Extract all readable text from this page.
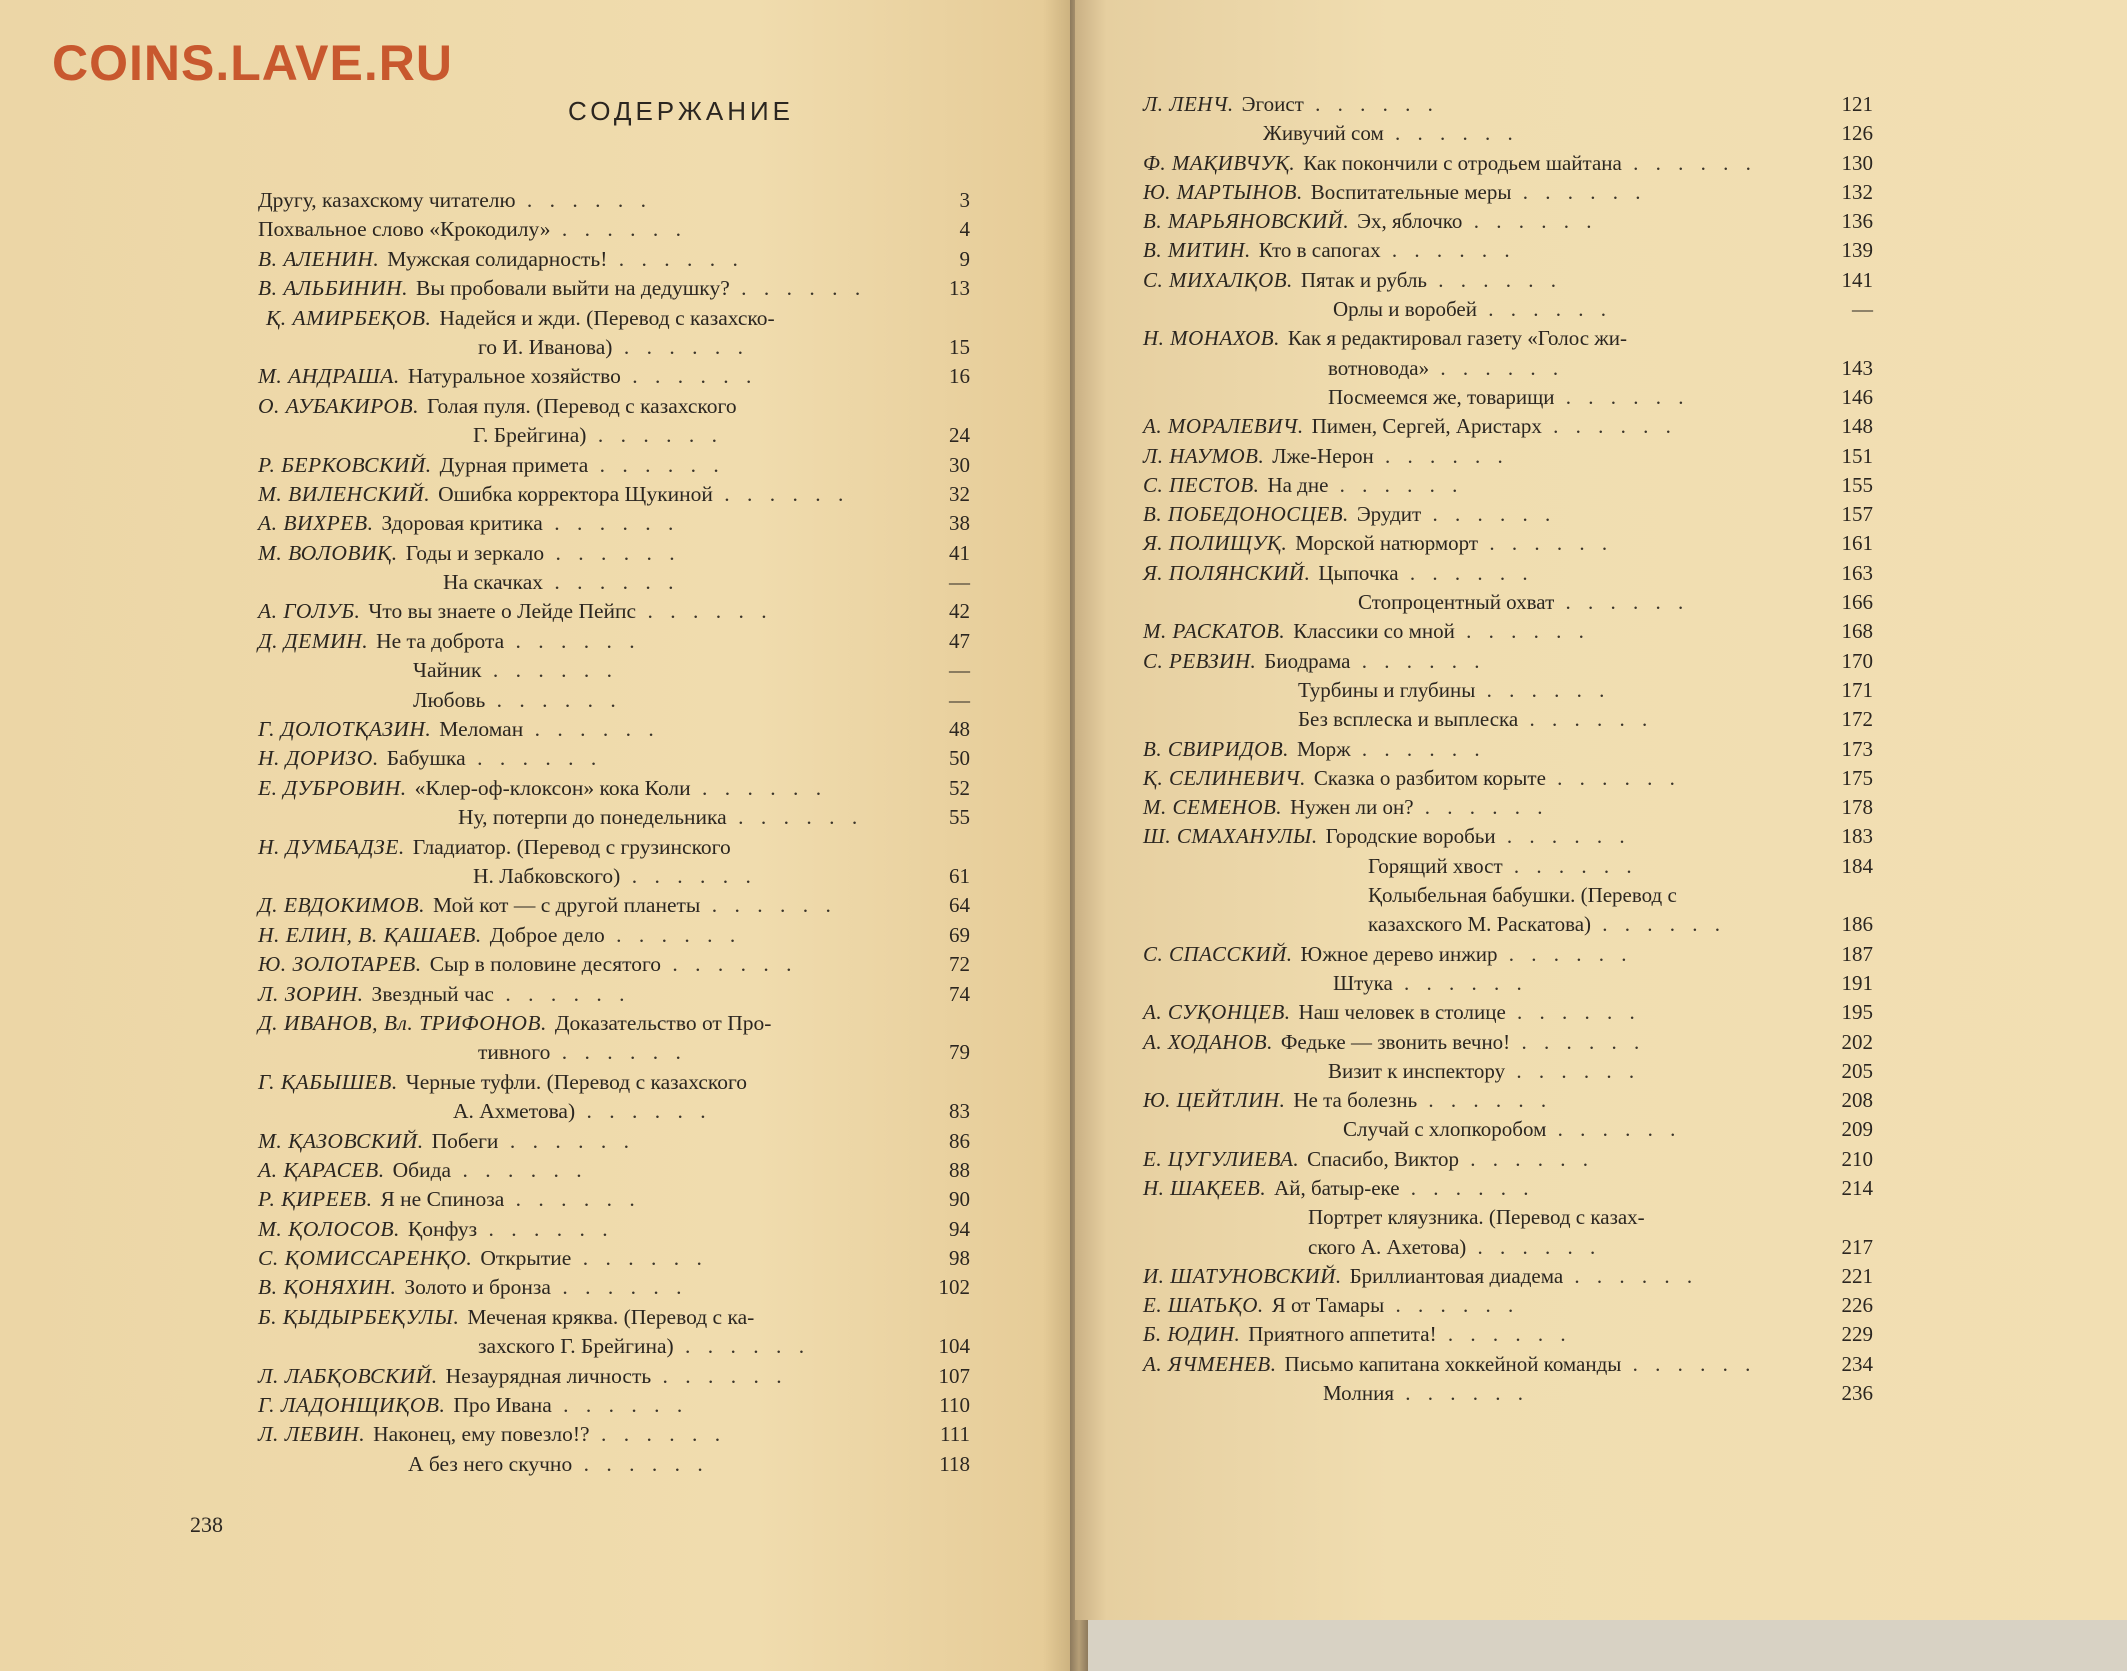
COINS.LAVE.RU
СОДЕРЖАНИЕ
Другу, казахскому читателю . . . . . .	3
Похвальное слово «Крокодилу» . . . . . .	4
В. АЛЕНИН. Мужская солидарность! . . . . . .	9
В. АЛЬБИНИН. Вы пробовали выйти на дедушку? . . . . . .	13
Қ. АМИРБЕҚОВ. Надейся и жди. (Перевод с казахско-
го И. Иванова) . . . . . .	15
М. АНДРАША. Натуральное хозяйство . . . . . .	16
О. АУБАКИРОВ. Голая пуля. (Перевод с казахского
Г. Брейгина) . . . . . .	24
Р. БЕРКОВСКИЙ. Дурная примета . . . . . .	30
М. ВИЛЕНСКИЙ. Ошибка корректора Щукиной . . . . . .	32
А. ВИХРЕВ. Здоровая критика . . . . . .	38
М. ВОЛОВИҚ. Годы и зеркало . . . . . .	41
На скачках . . . . . .	—
А. ГОЛУБ. Что вы знаете о Лейде Пейпс . . . . . .	42
Д. ДЕМИН. Не та доброта . . . . . .	47
Чайник . . . . . .	—
Любовь . . . . . .	—
Г. ДОЛОТҚАЗИН. Меломан . . . . . .	48
Н. ДОРИЗО. Бабушка . . . . . .	50
Е. ДУБРОВИН. «Клер-оф-клоксон» кока Коли . . . . . .	52
Ну, потерпи до понедельника . . . . . .	55
Н. ДУМБАДЗЕ. Гладиатор. (Перевод с грузинского
Н. Лабковского) . . . . . .	61
Д. ЕВДОКИМОВ. Мой кот — с другой планеты . . . . . .	64
Н. ЕЛИН, В. ҚАШАЕВ. Доброе дело . . . . . .	69
Ю. ЗОЛОТАРЕВ. Сыр в половине десятого . . . . . .	72
Л. ЗОРИН. Звездный час . . . . . .	74
Д. ИВАНОВ, Вл. ТРИФОНОВ. Доказательство от Про-
тивного . . . . . .	79
Г. ҚАБЫШЕВ. Черные туфли. (Перевод с казахского
А. Ахметова) . . . . . .	83
М. ҚАЗОВСКИЙ. Побеги . . . . . .	86
А. ҚАРАСЕВ. Обида . . . . . .	88
Р. ҚИРЕЕВ. Я не Спиноза . . . . . .	90
М. ҚОЛОСОВ. Қонфуз . . . . . .	94
С. ҚОМИССАРЕНҚО. Открытие . . . . . .	98
В. ҚОНЯХИН. Золото и бронза . . . . . .	102
Б. ҚЫДЫРБЕҚУЛЫ. Меченая кряква. (Перевод с ка-
захского Г. Брейгина) . . . . . .	104
Л. ЛАБҚОВСКИЙ. Незаурядная личность . . . . . .	107
Г. ЛАДОНЩИҚОВ. Про Ивана . . . . . .	110
Л. ЛЕВИН. Наконец, ему повезло!? . . . . . .	111
А без него скучно . . . . . .	118
238
Л. ЛЕНЧ. Эгоист . . . . . .	121
Живучий сом . . . . . .	126
Ф. МАҚИВЧУҚ. Как покончили с отродьем шайтана . . . . . .	130
Ю. МАРТЫНОВ. Воспитательные меры . . . . . .	132
В. МАРЬЯНОВСКИЙ. Эх, яблочко . . . . . .	136
В. МИТИН. Кто в сапогах . . . . . .	139
С. МИХАЛҚОВ. Пятак и рубль . . . . . .	141
Орлы и воробей . . . . . .	—
Н. МОНАХОВ. Как я редактировал газету «Голос жи-
вотновода» . . . . . .	143
Посмеемся же, товарищи . . . . . .	146
А. МОРАЛЕВИЧ. Пимен, Сергей, Аристарх . . . . . .	148
Л. НАУМОВ. Лже-Нерон . . . . . .	151
С. ПЕСТОВ. На дне . . . . . .	155
В. ПОБЕДОНОСЦЕВ. Эрудит . . . . . .	157
Я. ПОЛИЩУҚ. Морской натюрморт . . . . . .	161
Я. ПОЛЯНСКИЙ. Цыпочка . . . . . .	163
Стопроцентный охват . . . . . .	166
М. РАСКАТОВ. Классики со мной . . . . . .	168
С. РЕВЗИН. Биодрама . . . . . .	170
Турбины и глубины . . . . . .	171
Без всплеска и выплеска . . . . . .	172
В. СВИРИДОВ. Морж . . . . . .	173
Қ. СЕЛИНЕВИЧ. Сказка о разбитом корыте . . . . . .	175
М. СЕМЕНОВ. Нужен ли он? . . . . . .	178
Ш. СМАХАНУЛЫ. Городские воробьи . . . . . .	183
Горящий хвост . . . . . .	184
Қолыбельная бабушки. (Перевод с
казахского М. Раскатова) . . . . . .	186
С. СПАССКИЙ. Южное дерево инжир . . . . . .	187
Штука . . . . . .	191
А. СУҚОНЦЕВ. Наш человек в столице . . . . . .	195
А. ХОДАНОВ. Федьке — звонить вечно! . . . . . .	202
Визит к инспектору . . . . . .	205
Ю. ЦЕЙТЛИН. Не та болезнь . . . . . .	208
Случай с хлопкоробом . . . . . .	209
Е. ЦУГУЛИЕВА. Спасибо, Виктор . . . . . .	210
Н. ШАҚЕЕВ. Ай, батыр-еке . . . . . .	214
Портрет кляузника. (Перевод с казах-
ского А. Ахетова) . . . . . .	217
И. ШАТУНОВСКИЙ. Бриллиантовая диадема . . . . . .	221
Е. ШАТЬҚО. Я от Тамары . . . . . .	226
Б. ЮДИН. Приятного аппетита! . . . . . .	229
А. ЯЧМЕНЕВ. Письмо капитана хоккейной команды . . . . . .	234
Молния . . . . . .	236
